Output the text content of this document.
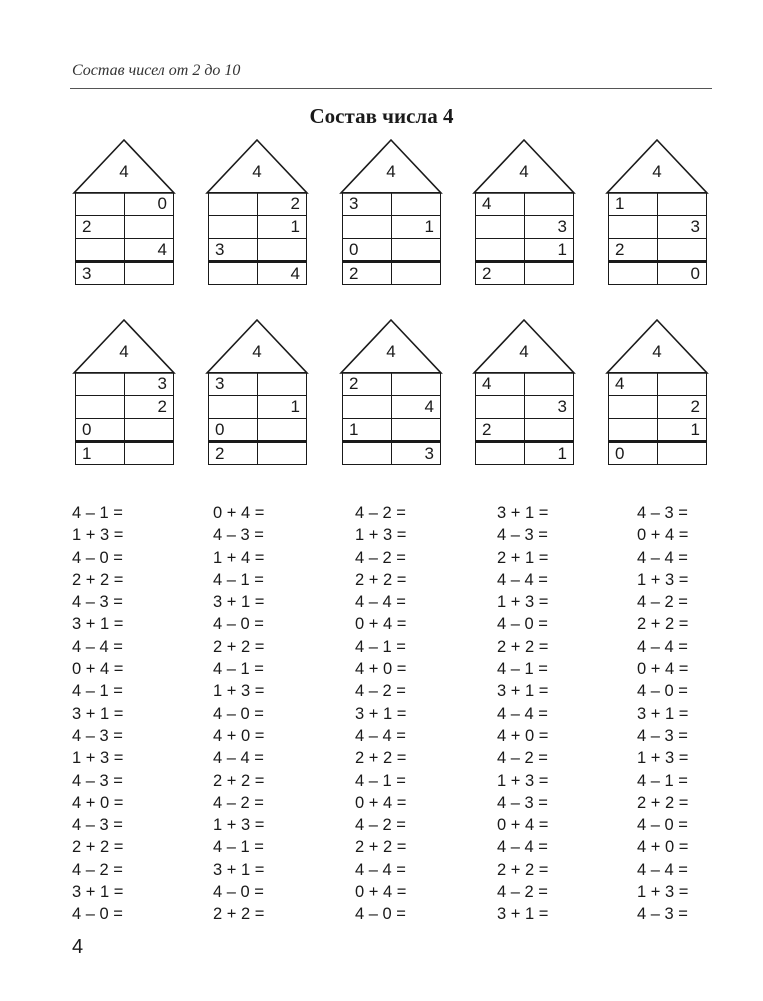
Состав чисел от 2 до 10
Состав числа 4
4
	0
2	
	4
3	
4
	2
	1
3	
	4
4
3	
	1
0	
2	
4
4	
	3
	1
2	
4
1	
	3
2	
	0
4
	3
	2
0	
1	
4
3	
	1
0	
2	
4
2	
	4
1	
	3
4
4	
	3
2	
	1
4
4	
	2
	1
0	
4 – 1 =
1 + 3 =
4 – 0 =
2 + 2 =
4 – 3 =
3 + 1 =
4 – 4 =
0 + 4 =
4 – 1 =
3 + 1 =
4 – 3 =
1 + 3 =
4 – 3 =
4 + 0 =
4 – 3 =
2 + 2 =
4 – 2 =
3 + 1 =
4 – 0 =
0 + 4 =
4 – 3 =
1 + 4 =
4 – 1 =
3 + 1 =
4 – 0 =
2 + 2 =
4 – 1 =
1 + 3 =
4 – 0 =
4 + 0 =
4 – 4 =
2 + 2 =
4 – 2 =
1 + 3 =
4 – 1 =
3 + 1 =
4 – 0 =
2 + 2 =
4 – 2 =
1 + 3 =
4 – 2 =
2 + 2 =
4 – 4 =
0 + 4 =
4 – 1 =
4 + 0 =
4 – 2 =
3 + 1 =
4 – 4 =
2 + 2 =
4 – 1 =
0 + 4 =
4 – 2 =
2 + 2 =
4 – 4 =
0 + 4 =
4 – 0 =
3 + 1 =
4 – 3 =
2 + 1 =
4 – 4 =
1 + 3 =
4 – 0 =
2 + 2 =
4 – 1 =
3 + 1 =
4 – 4 =
4 + 0 =
4 – 2 =
1 + 3 =
4 – 3 =
0 + 4 =
4 – 4 =
2 + 2 =
4 – 2 =
3 + 1 =
4 – 3 =
0 + 4 =
4 – 4 =
1 + 3 =
4 – 2 =
2 + 2 =
4 – 4 =
0 + 4 =
4 – 0 =
3 + 1 =
4 – 3 =
1 + 3 =
4 – 1 =
2 + 2 =
4 – 0 =
4 + 0 =
4 – 4 =
1 + 3 =
4 – 3 =
4
